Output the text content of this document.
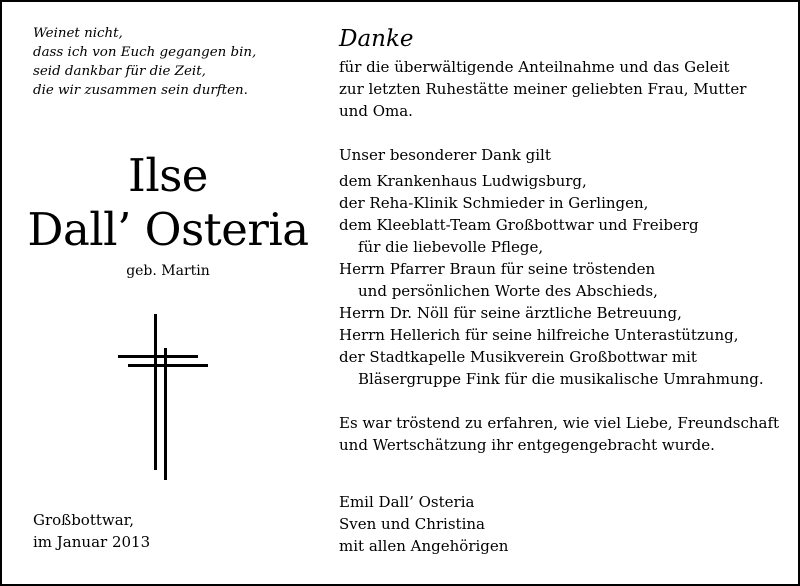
Weinet nicht,
dass ich von Euch gegangen bin,
seid dankbar für die Zeit,
die wir zusammen sein durften.
Ilse
Dall’ Osteria
geb. Martin
Großbottwar,
im Januar 2013
Danke
für die überwältigende Anteilnahme und das Geleit
zur letzten Ruhestätte meiner geliebten Frau, Mutter
und Oma.
Unser besonderer Dank gilt
dem Krankenhaus Ludwigsburg,
der Reha-Klinik Schmieder in Gerlingen,
dem Kleeblatt-Team Großbottwar und Freiberg
für die liebevolle Pflege,
Herrn Pfarrer Braun für seine tröstenden
und persönlichen Worte des Abschieds,
Herrn Dr. Nöll für seine ärztliche Betreuung,
Herrn Hellerich für seine hilfreiche Unterastützung,
der Stadtkapelle Musikverein Großbottwar mit
Bläsergruppe Fink für die musikalische Umrahmung.
Es war tröstend zu erfahren, wie viel Liebe, Freundschaft
und Wertschätzung ihr entgegengebracht wurde.
Emil Dall’ Osteria
Sven und Christina
mit allen Angehörigen
